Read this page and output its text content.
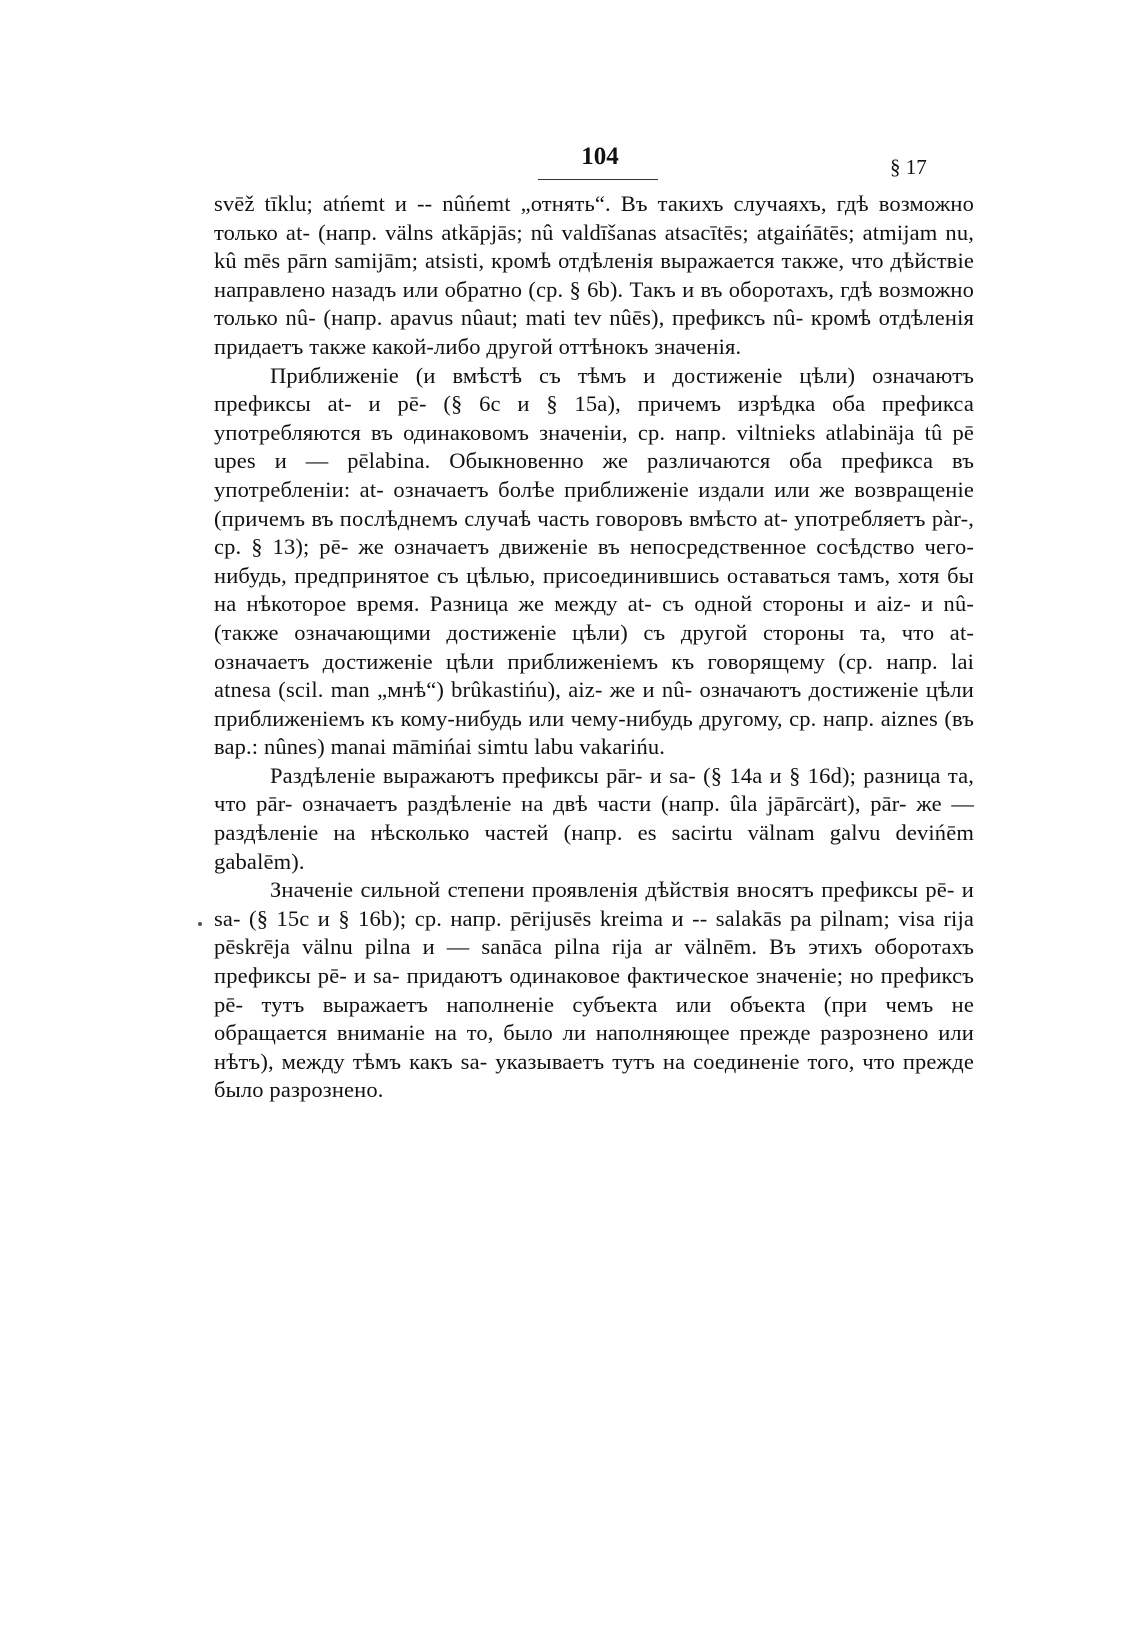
104	§ 17

svēž tīklu; atńemt и -- nûńemt „отнять“. Въ такихъ случаяхъ, гдѣ возможно только at- (напр. välns atkāpjās; nû valdīšanas atsacītēs; atgaińātēs; atmijam nu, kû mēs pārn samijām; atsisti, кромѣ отдѣленія выражается также, что дѣйствіе направлено назадъ или обратно (ср. § 6b). Такъ и въ оборотахъ, гдѣ возможно только nû- (напр. apavus nûaut; mati tev nûēs), префиксъ nû- кромѣ отдѣленія придаетъ также какой-либо другой оттѣнокъ значенія.

Приближеніе (и вмѣстѣ съ тѣмъ и достиженіе цѣли) означаютъ префиксы at- и pē- (§ 6c и § 15a), причемъ изрѣдка оба префикса употребляются въ одинаковомъ значеніи, ср. напр. viltnieks atlabinäja tû pē upes и — pēlabina. Обыкновенно же различаются оба префикса въ употребленіи: at- означаетъ болѣе приближеніе издали или же возвращеніе (причемъ въ послѣднемъ случаѣ часть говоровъ вмѣсто at- употребляетъ pàr-, ср. § 13); pē- же означаетъ движеніе въ непосредственное сосѣдство чего-нибудь, предпринятое съ цѣлью, присоединившись оставаться тамъ, хотя бы на нѣкоторое время. Разница же между at- съ одной стороны и aiz- и nû- (также означающими достиженіе цѣли) съ другой стороны та, что at- означаетъ достиженіе цѣли приближеніемъ къ говорящему (ср. напр. lai atnesa (scil. man „мнѣ“) brûkastińu), aiz- же и nû- означаютъ достиженіе цѣли приближеніемъ къ кому-нибудь или чему-нибудь другому, ср. напр. aiznes (въ вар.: nûnes) manai māmińai simtu labu vakarińu.

Раздѣленіе выражаютъ префиксы pār- и sa- (§ 14a и § 16d); разница та, что pār- означаетъ раздѣленіе на двѣ части (напр. ûla jāpārcärt), pār- же — раздѣленіе на нѣсколько частей (напр. es sacirtu välnam galvu devińēm gabalēm).

Значеніе сильной степени проявленія дѣйствія вносятъ префиксы pē- и sa- (§ 15c и § 16b); ср. напр. pērijusēs kreima и -- salakās pa pilnam; visa rija pēskrēja välnu pilna и — sanāca pilna rija ar välnēm. Въ этихъ оборотахъ префиксы pē- и sa- придаютъ одинаковое фактическое значеніе; но префиксъ pē- тутъ выражаетъ наполненіе субъекта или объекта (при чемъ не обращается вниманіе на то, было ли наполняющее прежде разрознено или нѣтъ), между тѣмъ какъ sa- указываетъ тутъ на соединеніе того, что прежде было разрознено.
